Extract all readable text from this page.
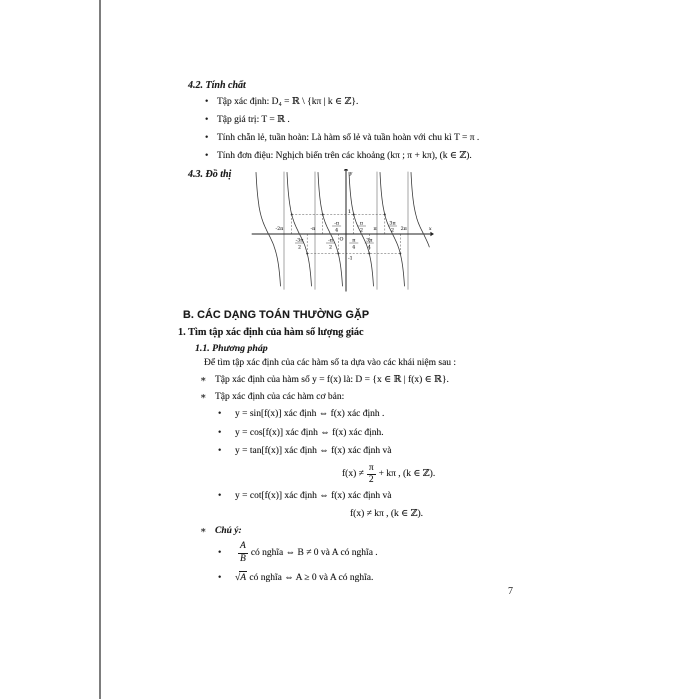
4.2. Tính chất
• Tập xác định: D₄ = ℝ \ {kπ | k ∈ ℤ}.
• Tập giá trị: T = ℝ .
• Tính chẵn lẻ, tuần hoàn: Là hàm số lẻ và tuần hoàn với chu kì T = π .
• Tính đơn điệu: Nghịch biến trên các khoảng (kπ ; π + kπ), (k ∈ ℤ).
4.3. Đồ thị
-2π
-3π
2
-π
-π
2
-π
4
π
4
π
2
3π
4
π
3π
2 2π
1
-1
y
x
O
B. CÁC DẠNG TOÁN THƯỜNG GẶP
1. Tìm tập xác định của hàm số lượng giác
1.1. Phương pháp
Để tìm tập xác định của các hàm số ta dựa vào các khái niệm sau :
∗ Tập xác định của hàm số y = f(x) là: D = {x ∈ ℝ | f(x) ∈ ℝ}.
∗ Tập xác định của các hàm cơ bản:
• y = sin[f(x)] xác định ⇔ f(x) xác định .
• y = cos[f(x)] xác định ⇔ f(x) xác định.
• y = tan[f(x)] xác định ⇔ f(x) xác định và
$f(x) \ne \frac{\pi}{2} + k\pi$ , (k ∈ ℤ).
• y = cot[f(x)] xác định ⇔ f(x) xác định và
f(x) ≠ kπ , (k ∈ ℤ).
∗ Chú ý:
•	$\frac{A}{B}$ có nghĩa ⇔ B ≠ 0 và A có nghĩa .
•	√ A
có nghĩa ⇔ A ≥ 0 và A có nghĩa.
7
